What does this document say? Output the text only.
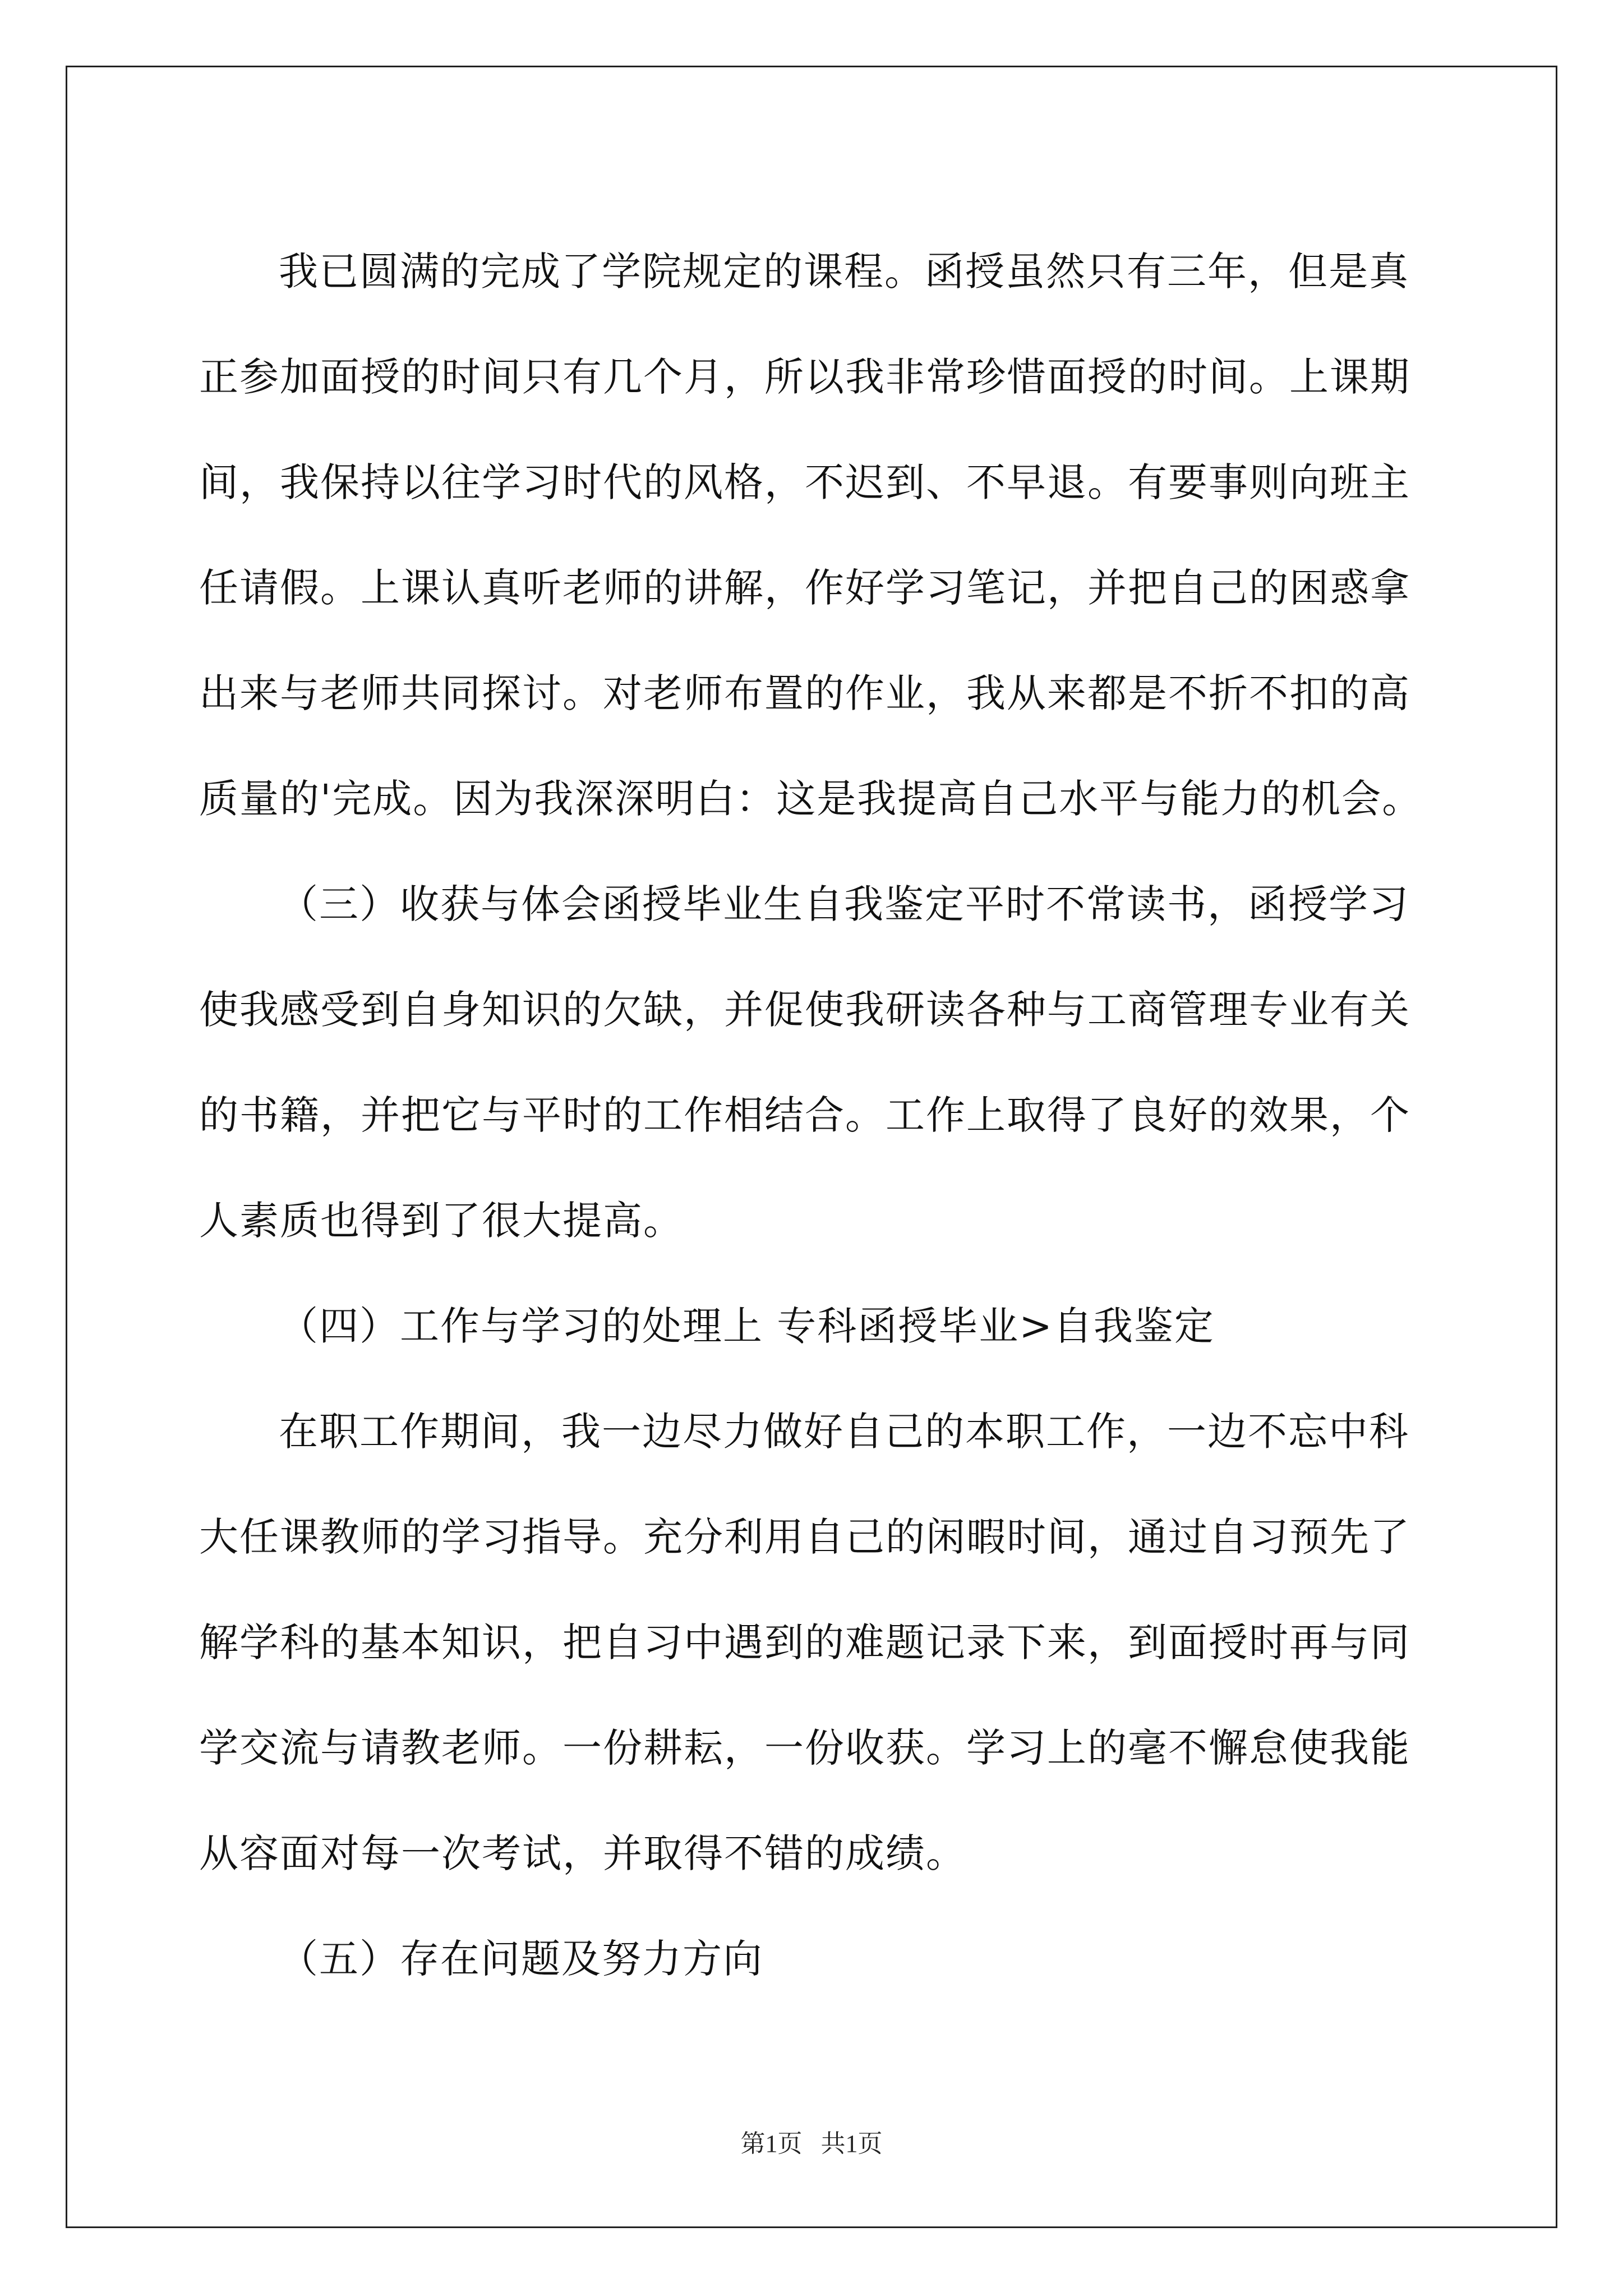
我已圆满的完成了学院规定的课程。函授虽然只有三年，但是真
正参加面授的时间只有几个月，所以我非常珍惜面授的时间。上课期
间，我保持以往学习时代的风格，不迟到、不早退。有要事则向班主
任请假。上课认真听老师的讲解，作好学习笔记，并把自己的困惑拿
出来与老师共同探讨。对老师布置的作业，我从来都是不折不扣的高
质量的'完成。因为我深深明白：这是我提高自己水平与能力的机会。
（三）收获与体会函授毕业生自我鉴定平时不常读书，函授学习
使我感受到自身知识的欠缺，并促使我研读各种与工商管理专业有关
的书籍，并把它与平时的工作相结合。工作上取得了良好的效果，个
人素质也得到了很大提高。
（四）工作与学习的处理上 专科函授毕业>自我鉴定
在职工作期间，我一边尽力做好自己的本职工作，一边不忘中科
大任课教师的学习指导。充分利用自己的闲暇时间，通过自习预先了
解学科的基本知识，把自习中遇到的难题记录下来，到面授时再与同
学交流与请教老师。一份耕耘，一份收获。学习上的毫不懈怠使我能
从容面对每一次考试，并取得不错的成绩。
（五）存在问题及努力方向
第1页   共1页
